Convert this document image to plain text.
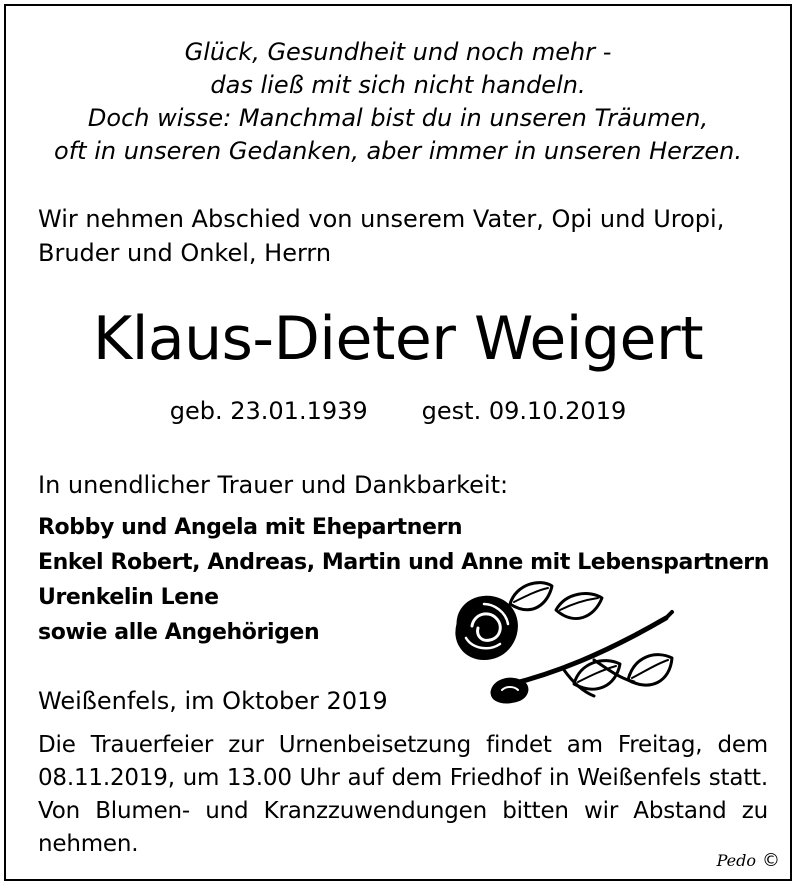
Glück, Gesundheit und noch mehr -
das ließ mit sich nicht handeln.
Doch wisse: Manchmal bist du in unseren Träumen,
oft in unseren Gedanken, aber immer in unseren Herzen.
Wir nehmen Abschied von unserem Vater, Opi und Uropi,
Bruder und Onkel, Herrn
Klaus-Dieter Weigert
geb. 23.01.1939 gest. 09.10.2019
In unendlicher Trauer und Dankbarkeit:
Robby und Angela mit Ehepartnern
Enkel Robert, Andreas, Martin und Anne mit Lebenspartnern
Urenkelin Lene
sowie alle Angehörigen
Weißenfels, im Oktober 2019
Die Trauerfeier zur Urnenbeisetzung findet am Freitag, dem 08.11.2019, um 13.00 Uhr auf dem Friedhof in Weißenfels statt. Von Blumen- und Kranzzuwendungen bitten wir Abstand zu nehmen.
Pedo ©
